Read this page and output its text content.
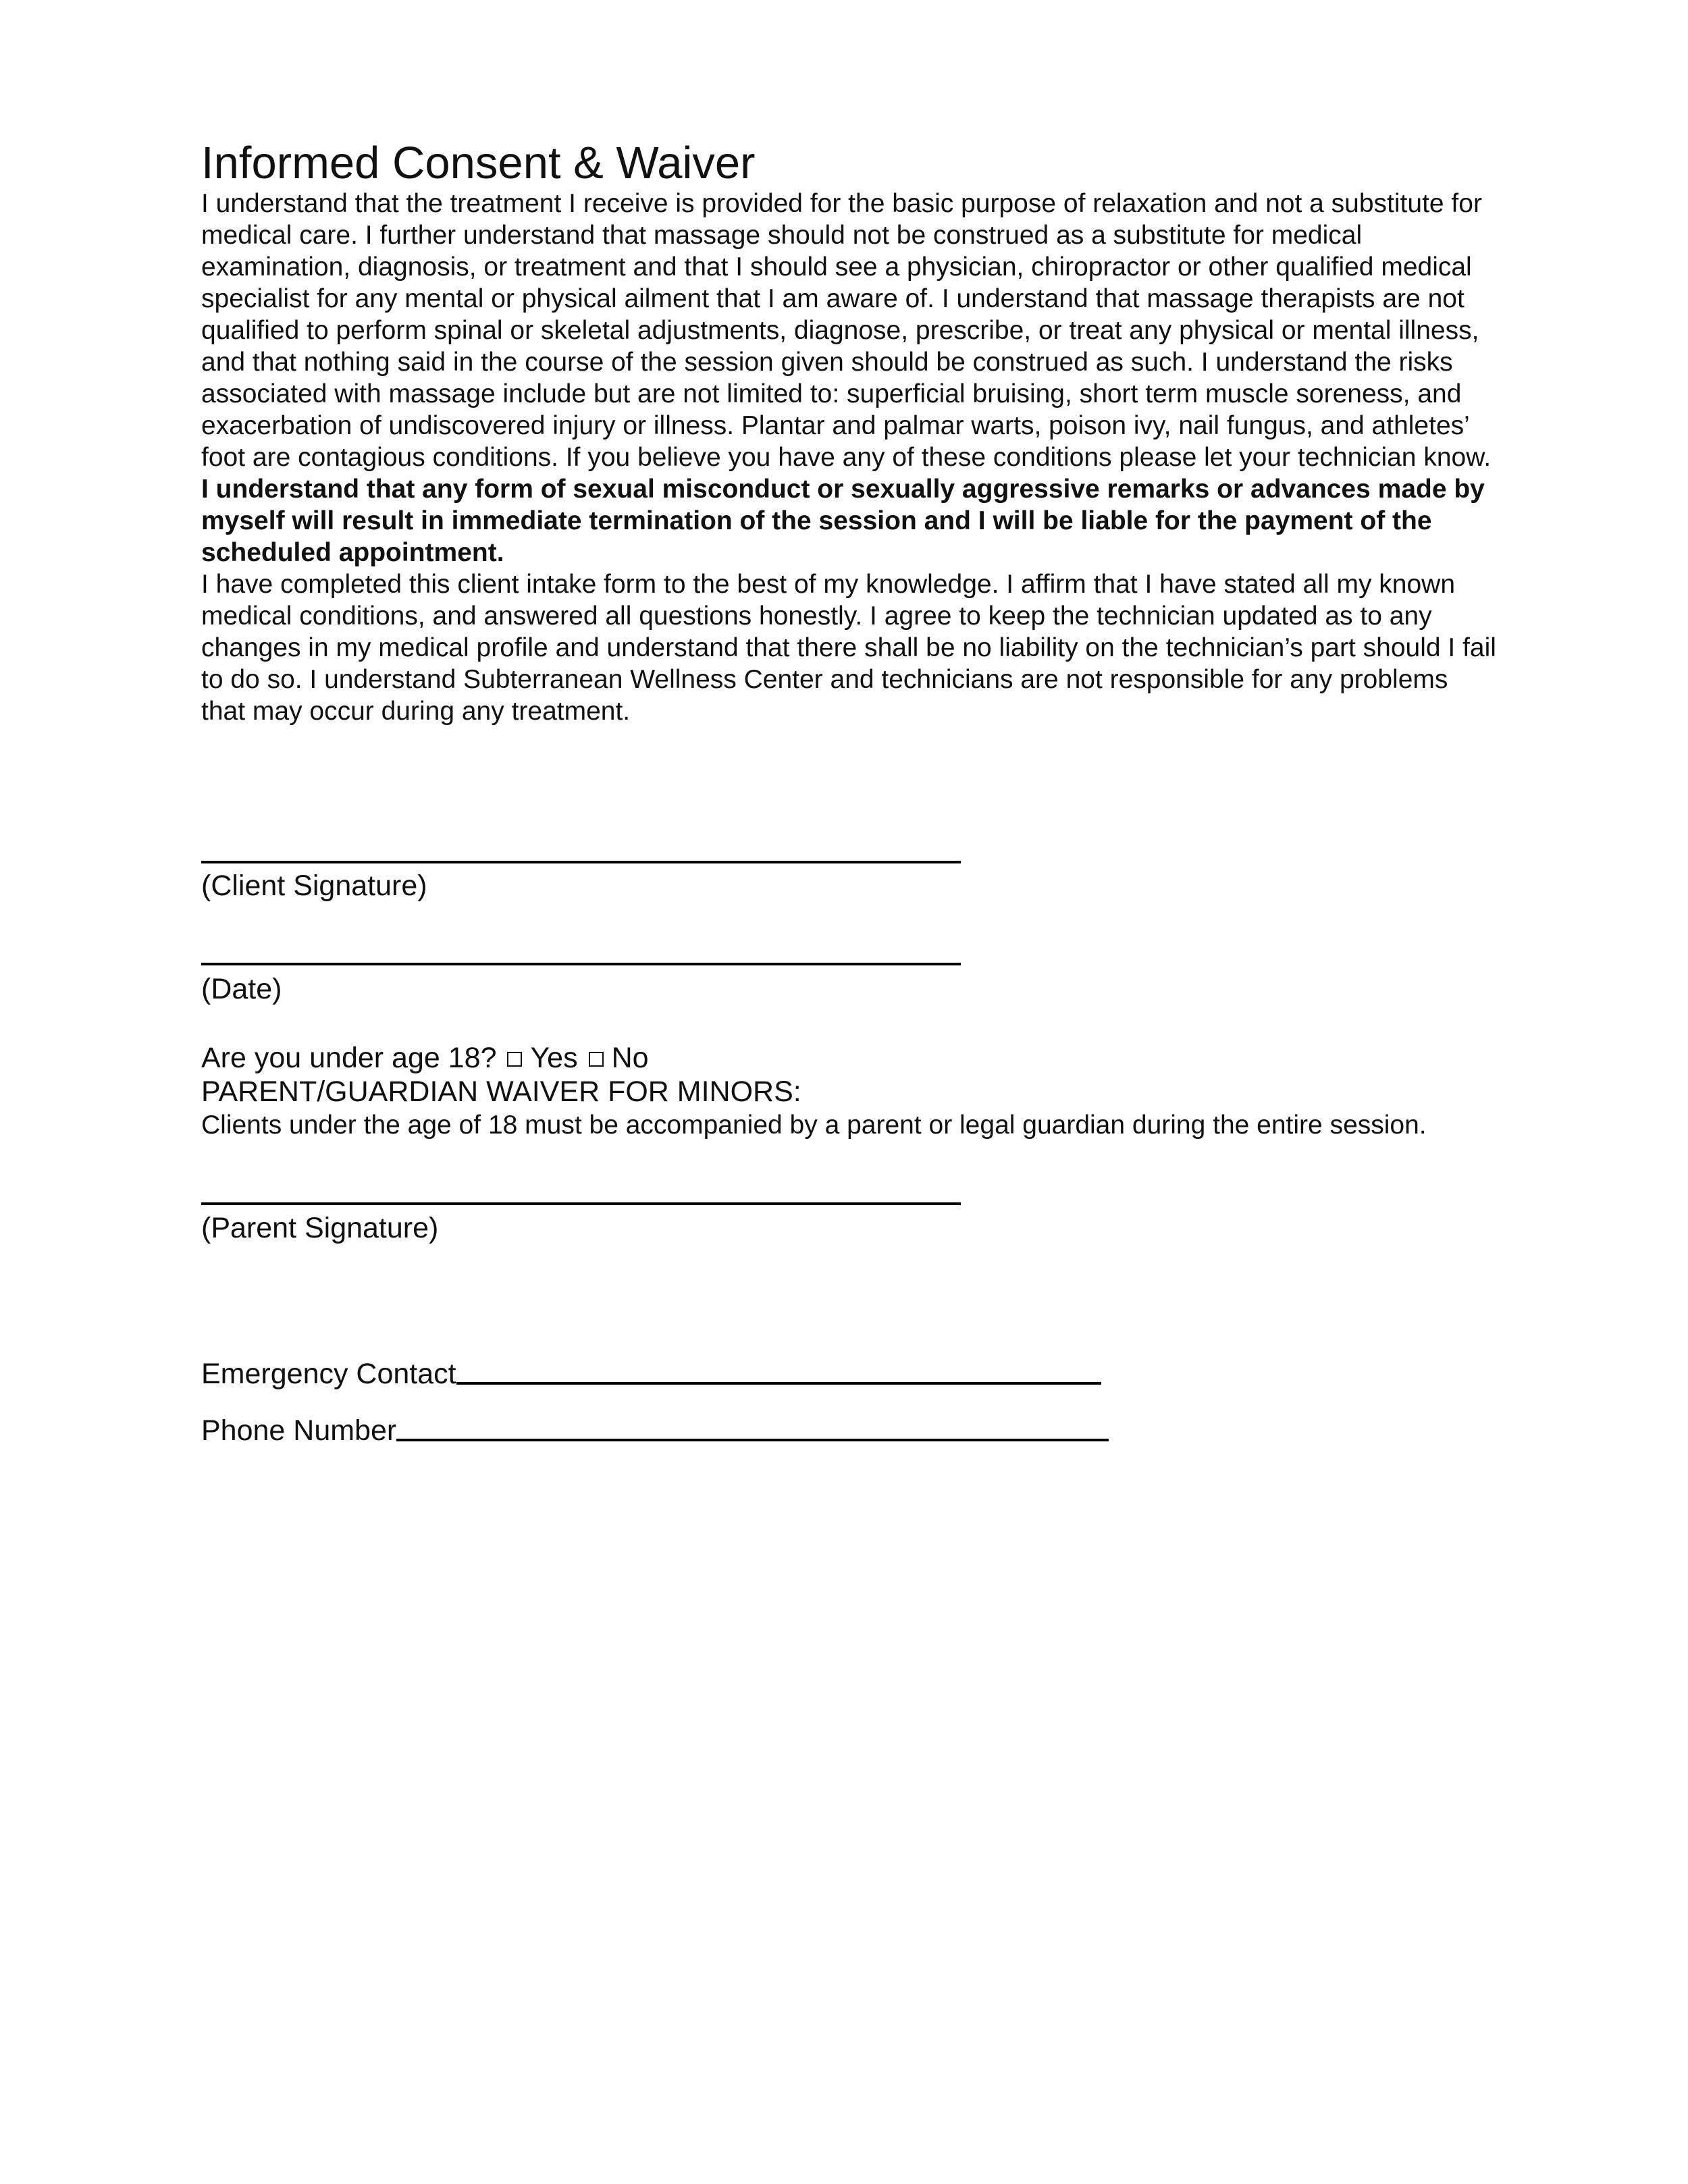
Informed Consent & Waiver

I understand that the treatment I receive is provided for the basic purpose of relaxation and not a substitute for medical care. I further understand that massage should not be construed as a substitute for medical examination, diagnosis, or treatment and that I should see a physician, chiropractor or other qualified medical specialist for any mental or physical ailment that I am aware of. I understand that massage therapists are not qualified to perform spinal or skeletal adjustments, diagnose, prescribe, or treat any physical or mental illness, and that nothing said in the course of the session given should be construed as such. I understand the risks associated with massage include but are not limited to: superficial bruising, short term muscle soreness, and exacerbation of undiscovered injury or illness. Plantar and palmar warts, poison ivy, nail fungus, and athletes’ foot are contagious conditions. If you believe you have any of these conditions please let your technician know.

I understand that any form of sexual misconduct or sexually aggressive remarks or advances made by myself will result in immediate termination of the session and I will be liable for the payment of the scheduled appointment.

I have completed this client intake form to the best of my knowledge. I affirm that I have stated all my known medical conditions, and answered all questions honestly. I agree to keep the technician updated as to any changes in my medical profile and understand that there shall be no liability on the technician’s part should I fail to do so. I understand Subterranean Wellness Center and technicians are not responsible for any problems that may occur during any treatment.

(Client Signature)
(Date)
Are you under age 18? Yes No
PARENT/GUARDIAN WAIVER FOR MINORS:
Clients under the age of 18 must be accompanied by a parent or legal guardian during the entire session.
(Parent Signature)
Emergency Contact
Phone Number
